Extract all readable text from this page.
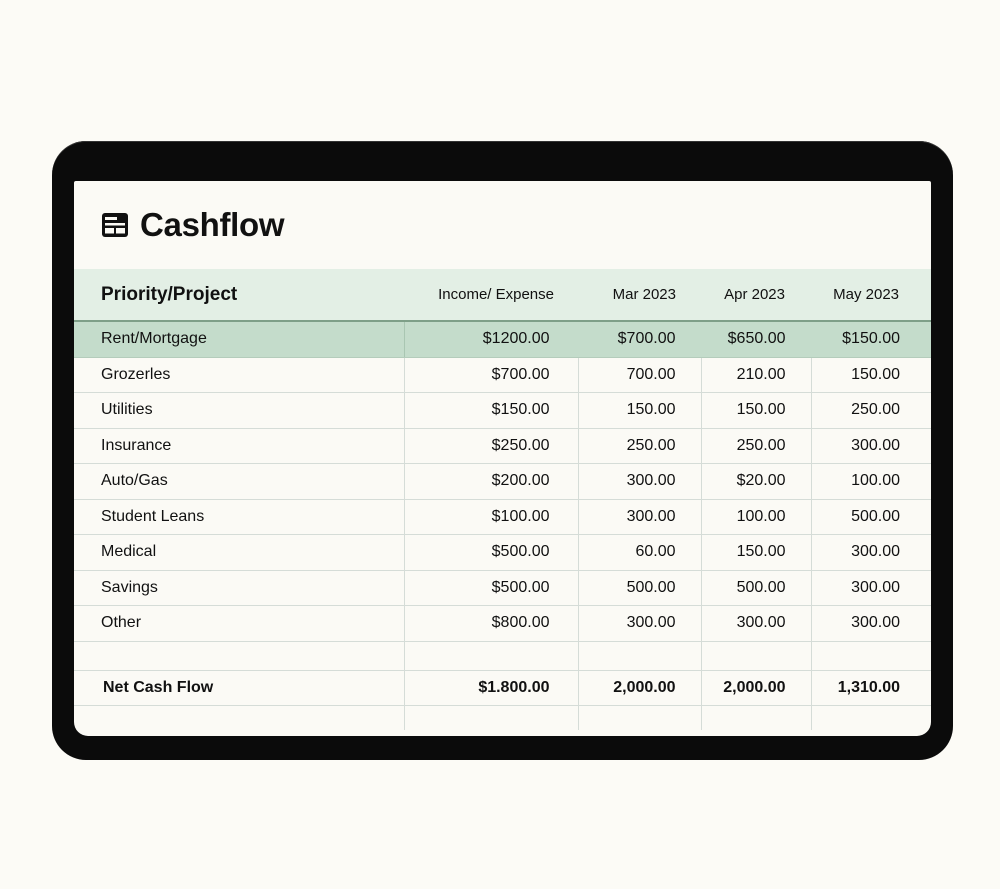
Cashflow
Priority/Project	Income/ Expense	Mar 2023	Apr 2023	May 2023
Rent/Mortgage	$1200.00	$700.00	$650.00	$150.00
Grozerles	$700.00	700.00	210.00	150.00
Utilities	$150.00	150.00	150.00	250.00
Insurance	$250.00	250.00	250.00	300.00
Auto/Gas	$200.00	300.00	$20.00	100.00
Student Leans	$100.00	300.00	100.00	500.00
Medical	$500.00	60.00	150.00	300.00
Savings	$500.00	500.00	500.00	300.00
Other	$800.00	300.00	300.00	300.00

Net Cash Flow	$1.800.00	2,000.00	2,000.00	1,310.00
